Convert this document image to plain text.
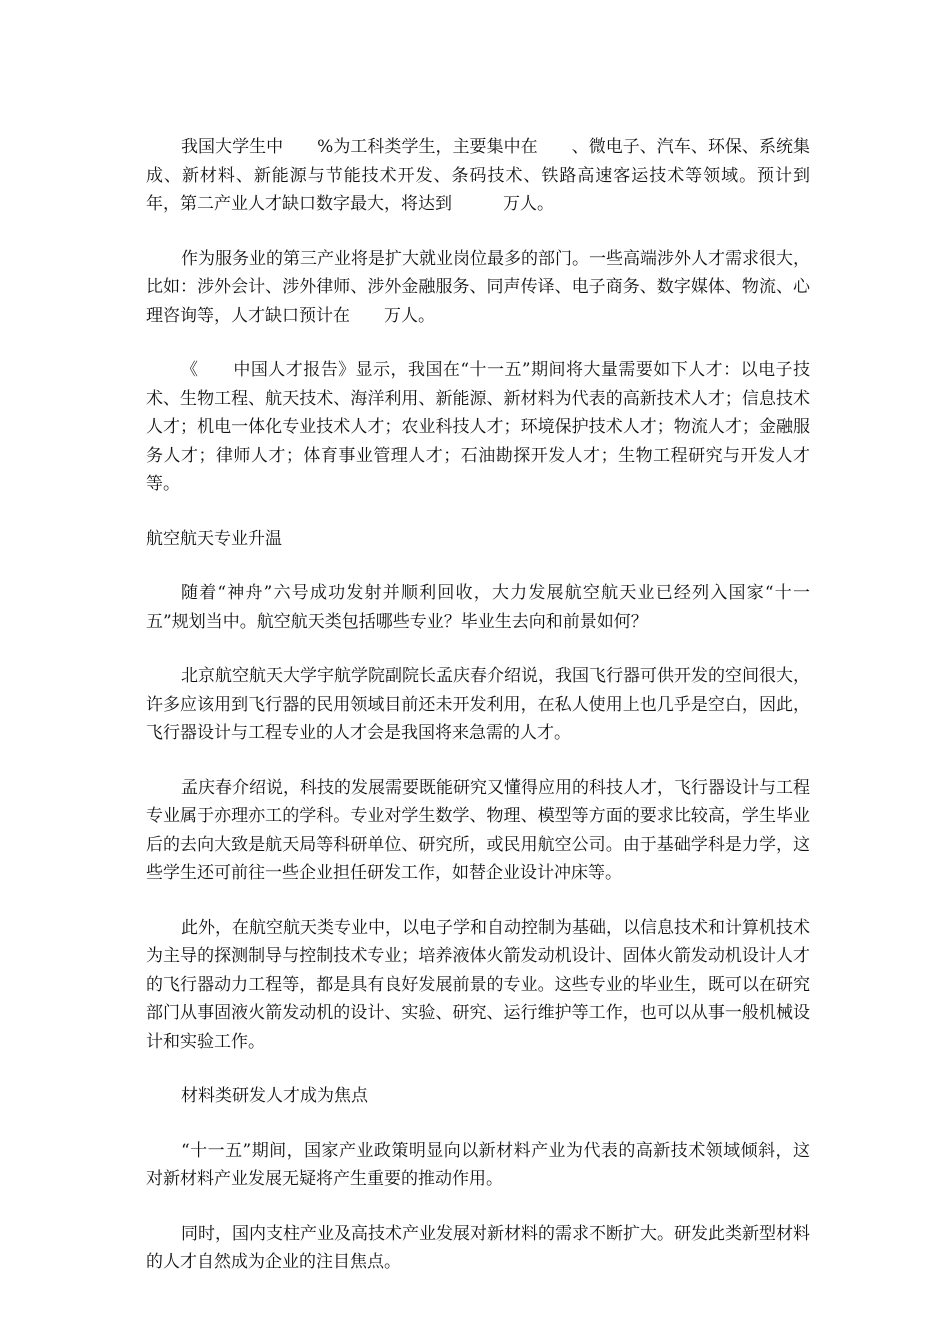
我国大学生中　　%为工科类学生，主要集中在　　、微电子、汽车、环保、系统集成、新材料、新能源与节能技术开发、条码技术、铁路高速客运技术等领域。预计到　　　年，第二产业人才缺口数字最大，将达到　　　万人。

作为服务业的第三产业将是扩大就业岗位最多的部门。一些高端涉外人才需求很大，比如：涉外会计、涉外律师、涉外金融服务、同声传译、电子商务、数字媒体、物流、心理咨询等，人才缺口预计在　　万人。

《　　中国人才报告》显示，我国在“十一五”期间将大量需要如下人才：以电子技术、生物工程、航天技术、海洋利用、新能源、新材料为代表的高新技术人才；信息技术人才；机电一体化专业技术人才；农业科技人才；环境保护技术人才；物流人才；金融服务人才；律师人才；体育事业管理人才；石油勘探开发人才；生物工程研究与开发人才等。

航空航天专业升温

随着“神舟”六号成功发射并顺利回收，大力发展航空航天业已经列入国家“十一五”规划当中。航空航天类包括哪些专业？毕业生去向和前景如何？

北京航空航天大学宇航学院副院长孟庆春介绍说，我国飞行器可供开发的空间很大，许多应该用到飞行器的民用领域目前还未开发利用，在私人使用上也几乎是空白，因此，飞行器设计与工程专业的人才会是我国将来急需的人才。

孟庆春介绍说，科技的发展需要既能研究又懂得应用的科技人才，飞行器设计与工程专业属于亦理亦工的学科。专业对学生数学、物理、模型等方面的要求比较高，学生毕业后的去向大致是航天局等科研单位、研究所，或民用航空公司。由于基础学科是力学，这些学生还可前往一些企业担任研发工作，如替企业设计冲床等。

此外，在航空航天类专业中，以电子学和自动控制为基础，以信息技术和计算机技术为主导的探测制导与控制技术专业；培养液体火箭发动机设计、固体火箭发动机设计人才的飞行器动力工程等，都是具有良好发展前景的专业。这些专业的毕业生，既可以在研究部门从事固液火箭发动机的设计、实验、研究、运行维护等工作，也可以从事一般机械设计和实验工作。

材料类研发人才成为焦点

“十一五”期间，国家产业政策明显向以新材料产业为代表的高新技术领域倾斜，这对新材料产业发展无疑将产生重要的推动作用。

同时，国内支柱产业及高技术产业发展对新材料的需求不断扩大。研发此类新型材料的人才自然成为企业的注目焦点。
